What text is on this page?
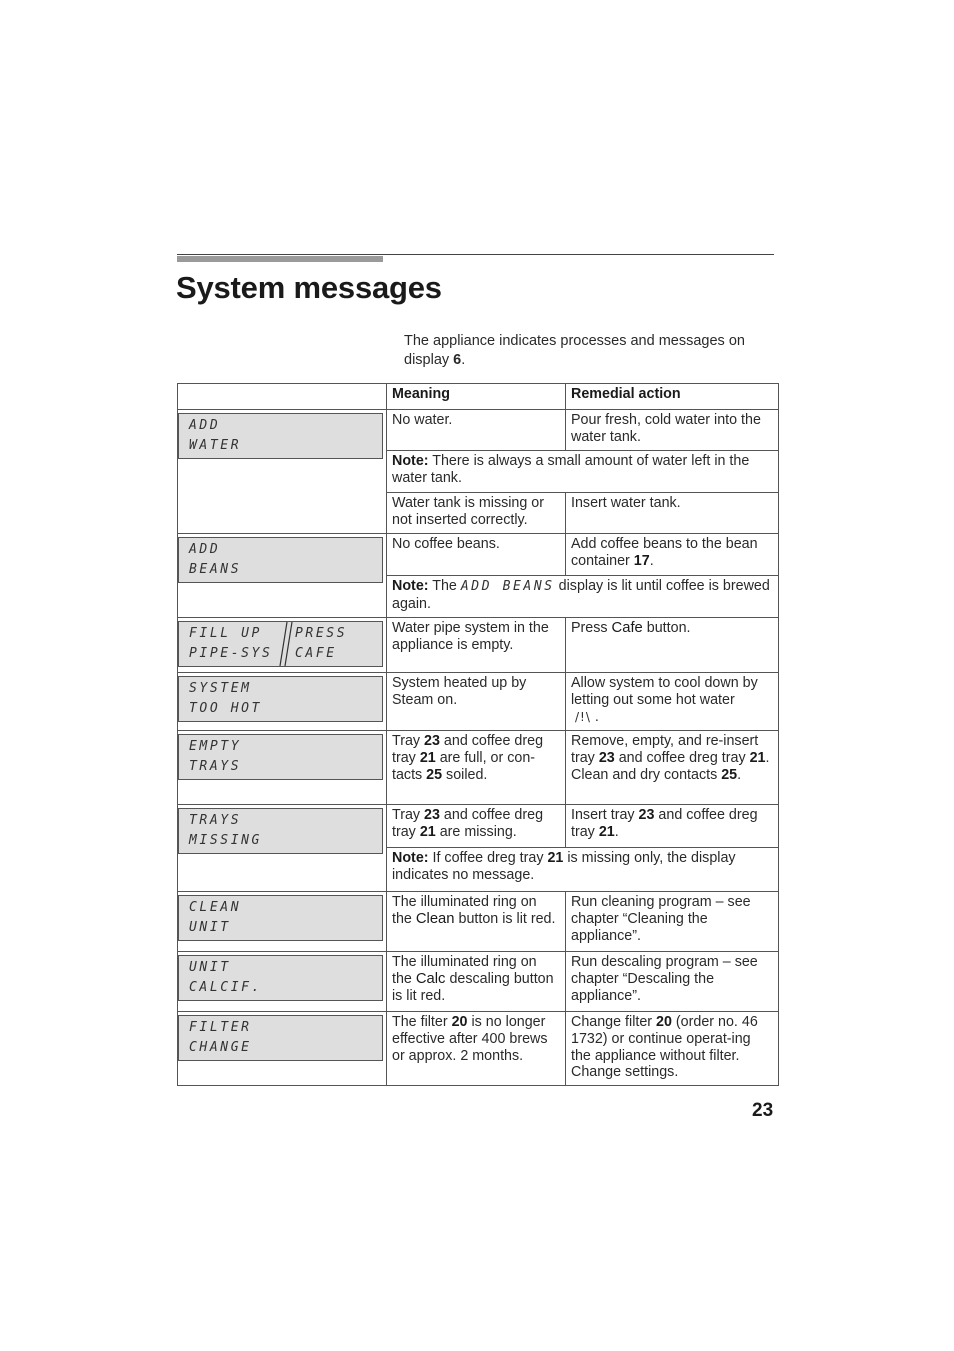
System messages

The appliance indicates processes and messages on display 6.

	Meaning	Remedial action

ADD
WATER	No water.	Pour fresh, cold water into the water tank.
	Note: There is always a small amount of water left in the water tank.	
	Water tank is missing or not inserted correctly.	Insert water tank.

ADD
BEANS	No coffee beans.	Add coffee beans to the bean container 17.
	Note: The ADD BEANS display is lit until coffee is brewed again.	

FILL UP
PIPE-SYS
PRESS
CAFE	Water pipe system in the appliance is empty.	Press Cafe button.

SYSTEM
TOO HOT	System heated up by Steam on.	Allow system to cool down by letting out some hot water
/!\ .

EMPTY
TRAYS	Tray 23 and coffee dreg tray 21 are full, or con-tacts 25 soiled.	Remove, empty, and re-insert tray 23 and coffee dreg tray 21. Clean and dry contacts 25.

TRAYS
MISSING	Tray 23 and coffee dreg tray 21 are missing.	Insert tray 23 and coffee dreg tray 21.
	Note: If coffee dreg tray 21 is missing only, the display indicates no message.	

CLEAN
UNIT	The illuminated ring on the Clean button is lit red.	Run cleaning program – see chapter “Cleaning the appliance”.

UNIT
CALCIF.	The illuminated ring on the Calc descaling button is lit red.	Run descaling program – see chapter “Descaling the appliance”.

FILTER
CHANGE	The filter 20 is no longer effective after 400 brews or approx. 2 months.	Change filter 20 (order no. 46 1732) or continue operat-ing the appliance without filter. Change settings.
23
